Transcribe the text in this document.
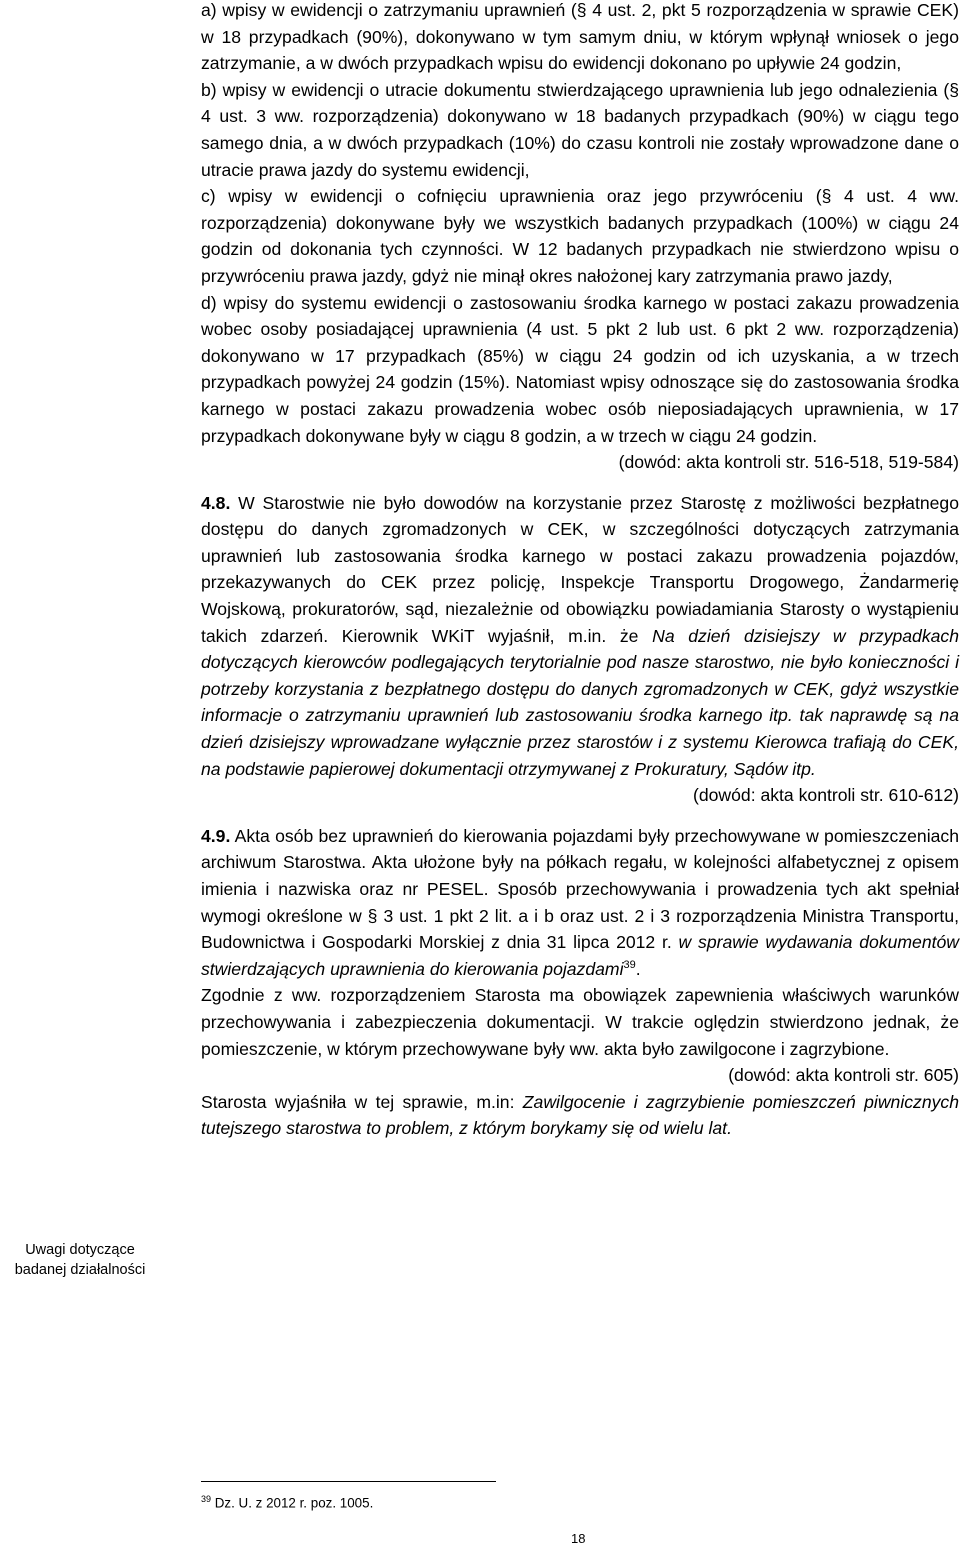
Uwagi dotyczące
badanej działalności

a) wpisy w ewidencji o zatrzymaniu uprawnień (§ 4 ust. 2, pkt 5 rozporządzenia w sprawie CEK) w 18 przypadkach (90%), dokonywano w tym samym dniu, w którym wpłynął wniosek o jego zatrzymanie, a w dwóch przypadkach wpisu do ewidencji dokonano po upływie 24 godzin,

b) wpisy w ewidencji o utracie dokumentu stwierdzającego uprawnienia lub jego odnalezienia (§ 4 ust. 3 ww. rozporządzenia) dokonywano w 18 badanych przypadkach (90%) w ciągu tego samego dnia, a w dwóch przypadkach (10%) do czasu kontroli nie zostały wprowadzone dane o utracie prawa jazdy do systemu ewidencji,

c) wpisy w ewidencji o cofnięciu uprawnienia oraz jego przywróceniu (§ 4 ust. 4 ww. rozporządzenia) dokonywane były we wszystkich badanych przypadkach (100%) w ciągu 24 godzin od dokonania tych czynności. W 12 badanych przypadkach nie stwierdzono wpisu o przywróceniu prawa jazdy, gdyż nie minął okres nałożonej kary zatrzymania prawo jazdy,

d) wpisy do systemu ewidencji o zastosowaniu środka karnego w postaci zakazu prowadzenia wobec osoby posiadającej uprawnienia (4 ust. 5 pkt 2 lub ust. 6 pkt 2 ww. rozporządzenia) dokonywano w 17 przypadkach (85%) w ciągu 24 godzin od ich uzyskania, a w trzech przypadkach powyżej 24 godzin (15%). Natomiast wpisy odnoszące się do zastosowania środka karnego w postaci zakazu prowadzenia wobec osób nieposiadających uprawnienia, w 17 przypadkach dokonywane były w ciągu 8 godzin, a w trzech w ciągu 24 godzin.

(dowód: akta kontroli str. 516-518, 519-584)

4.8. W Starostwie nie było dowodów na korzystanie przez Starostę z możliwości bezpłatnego dostępu do danych zgromadzonych w CEK, w szczególności dotyczących zatrzymania uprawnień lub zastosowania środka karnego w postaci zakazu prowadzenia pojazdów, przekazywanych do CEK przez policję, Inspekcje Transportu Drogowego, Żandarmerię Wojskową, prokuratorów, sąd, niezależnie od obowiązku powiadamiania Starosty o wystąpieniu takich zdarzeń. Kierownik WKiT wyjaśnił, m.in. że Na dzień dzisiejszy w przypadkach dotyczących kierowców podlegających terytorialnie pod nasze starostwo, nie było konieczności i potrzeby korzystania z bezpłatnego dostępu do danych zgromadzonych w CEK, gdyż wszystkie informacje o zatrzymaniu uprawnień lub zastosowaniu środka karnego itp. tak naprawdę są na dzień dzisiejszy wprowadzane wyłącznie przez starostów i z systemu Kierowca trafiają do CEK, na podstawie papierowej dokumentacji otrzymywanej z Prokuratury, Sądów itp.

(dowód: akta kontroli str. 610-612)

4.9. Akta osób bez uprawnień do kierowania pojazdami były przechowywane w pomieszczeniach archiwum Starostwa. Akta ułożone były na półkach regału, w kolejności alfabetycznej z opisem imienia i nazwiska oraz nr PESEL. Sposób przechowywania i prowadzenia tych akt spełniał wymogi określone w § 3 ust. 1 pkt 2 lit. a i b oraz ust. 2 i 3 rozporządzenia Ministra Transportu, Budownictwa i Gospodarki Morskiej z dnia 31 lipca 2012 r. w sprawie wydawania dokumentów stwierdzających uprawnienia do kierowania pojazdami$^{39}$.

Zgodnie z ww. rozporządzeniem Starosta ma obowiązek zapewnienia właściwych warunków przechowywania i zabezpieczenia dokumentacji. W trakcie oględzin stwierdzono jednak, że pomieszczenie, w którym przechowywane były ww. akta było zawilgocone i zagrzybione.

(dowód: akta kontroli str. 605)

Starosta wyjaśniła w tej sprawie, m.in: Zawilgocenie i zagrzybienie pomieszczeń piwnicznych tutejszego starostwa to problem, z którym borykamy się od wielu lat.

$^{39}$ Dz. U. z 2012 r. poz. 1005.
18
